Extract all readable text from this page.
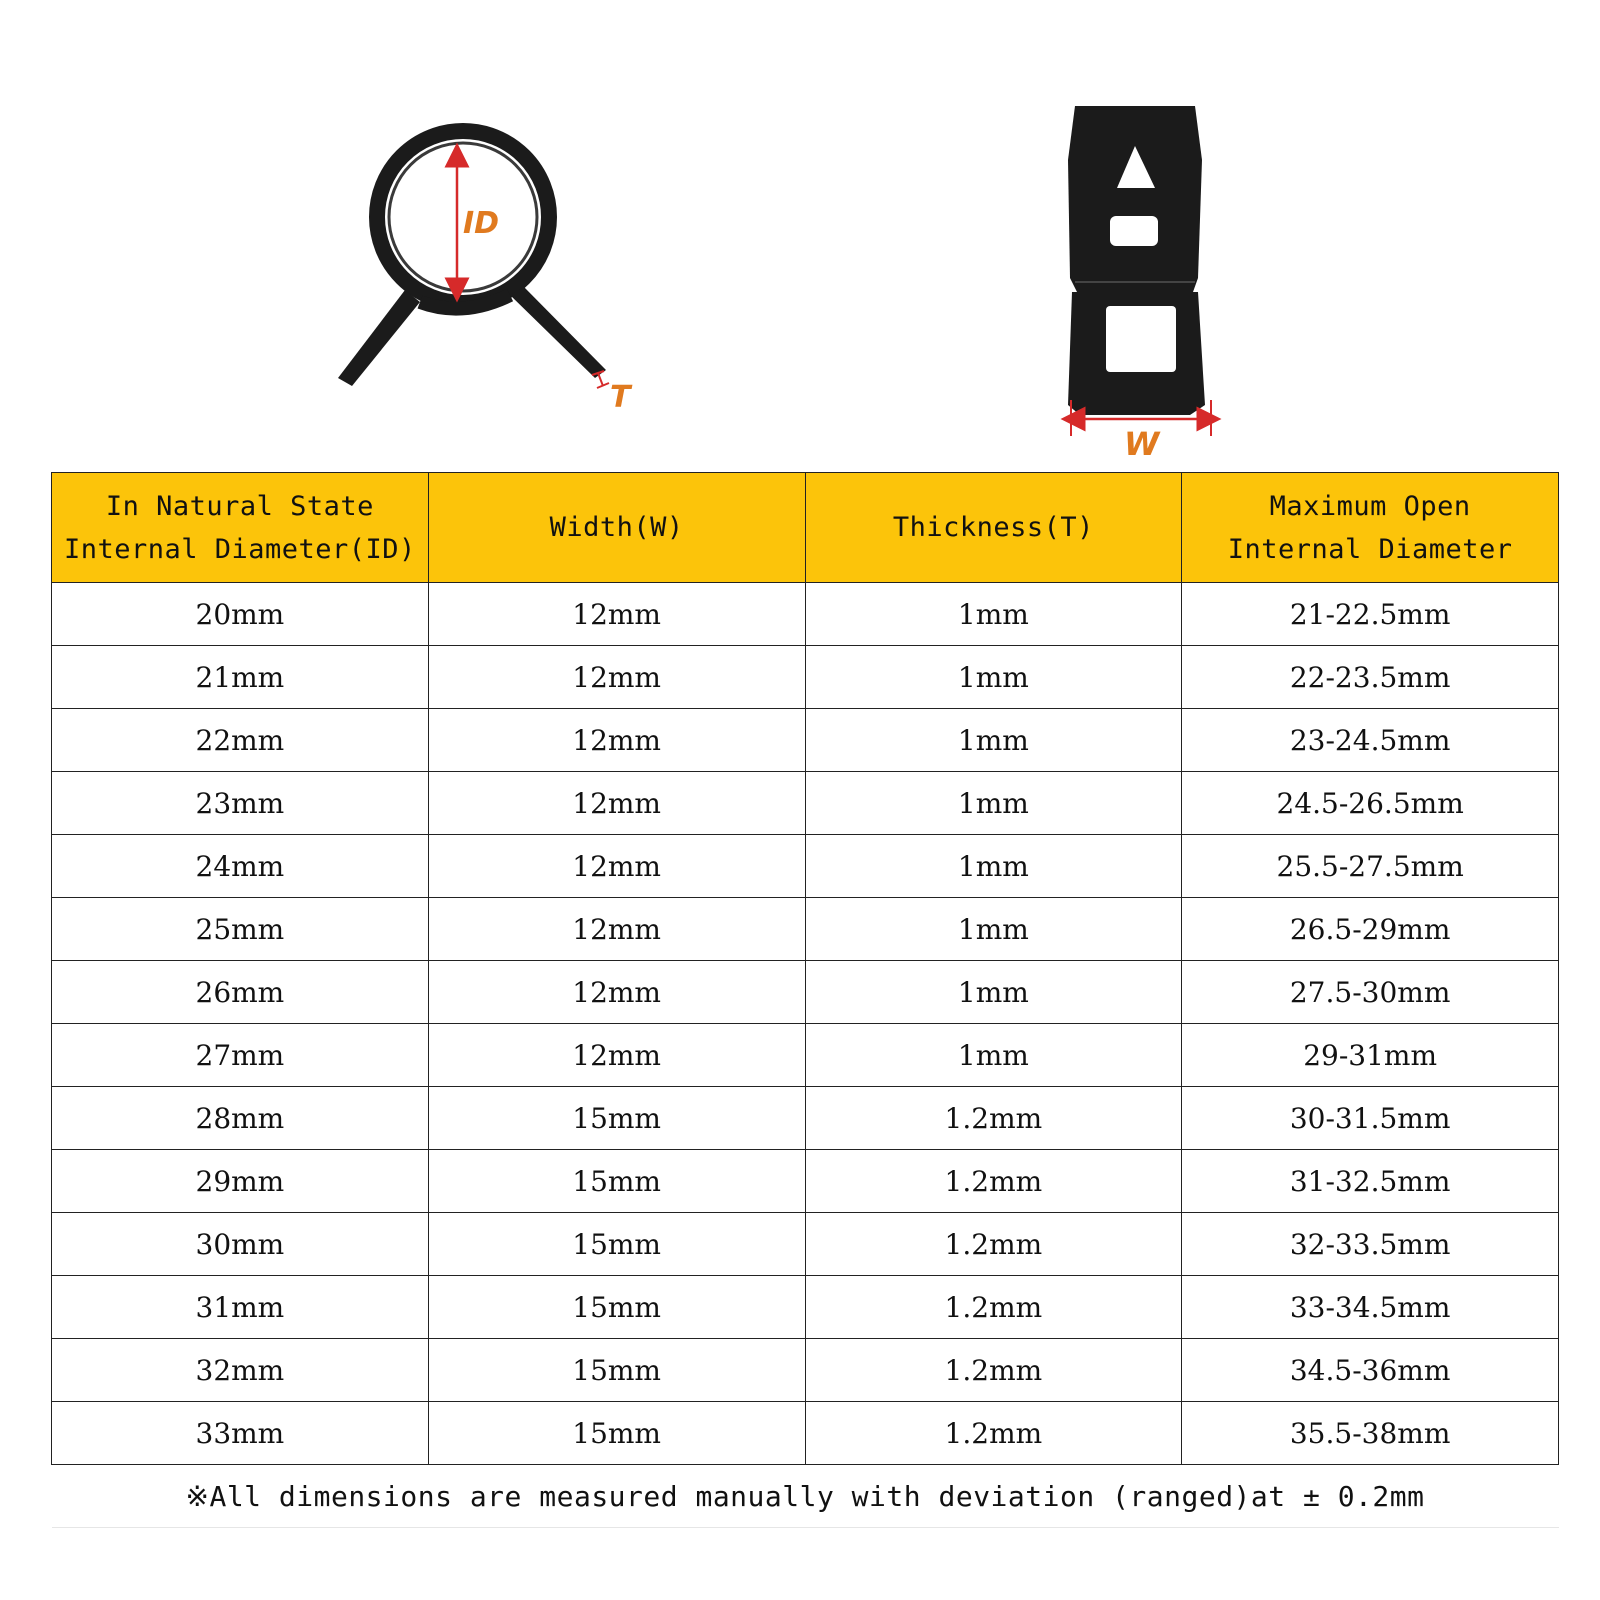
ID
T
W
In Natural State
Internal Diameter(ID)	Width(W)	Thickness(T)	Maximum Open
Internal Diameter
20mm	12mm	1mm	21-22.5mm
21mm	12mm	1mm	22-23.5mm
22mm	12mm	1mm	23-24.5mm
23mm	12mm	1mm	24.5-26.5mm
24mm	12mm	1mm	25.5-27.5mm
25mm	12mm	1mm	26.5-29mm
26mm	12mm	1mm	27.5-30mm
27mm	12mm	1mm	29-31mm
28mm	15mm	1.2mm	30-31.5mm
29mm	15mm	1.2mm	31-32.5mm
30mm	15mm	1.2mm	32-33.5mm
31mm	15mm	1.2mm	33-34.5mm
32mm	15mm	1.2mm	34.5-36mm
33mm	15mm	1.2mm	35.5-38mm
※All dimensions are measured manually with deviation (ranged)at ± 0.2mm			
